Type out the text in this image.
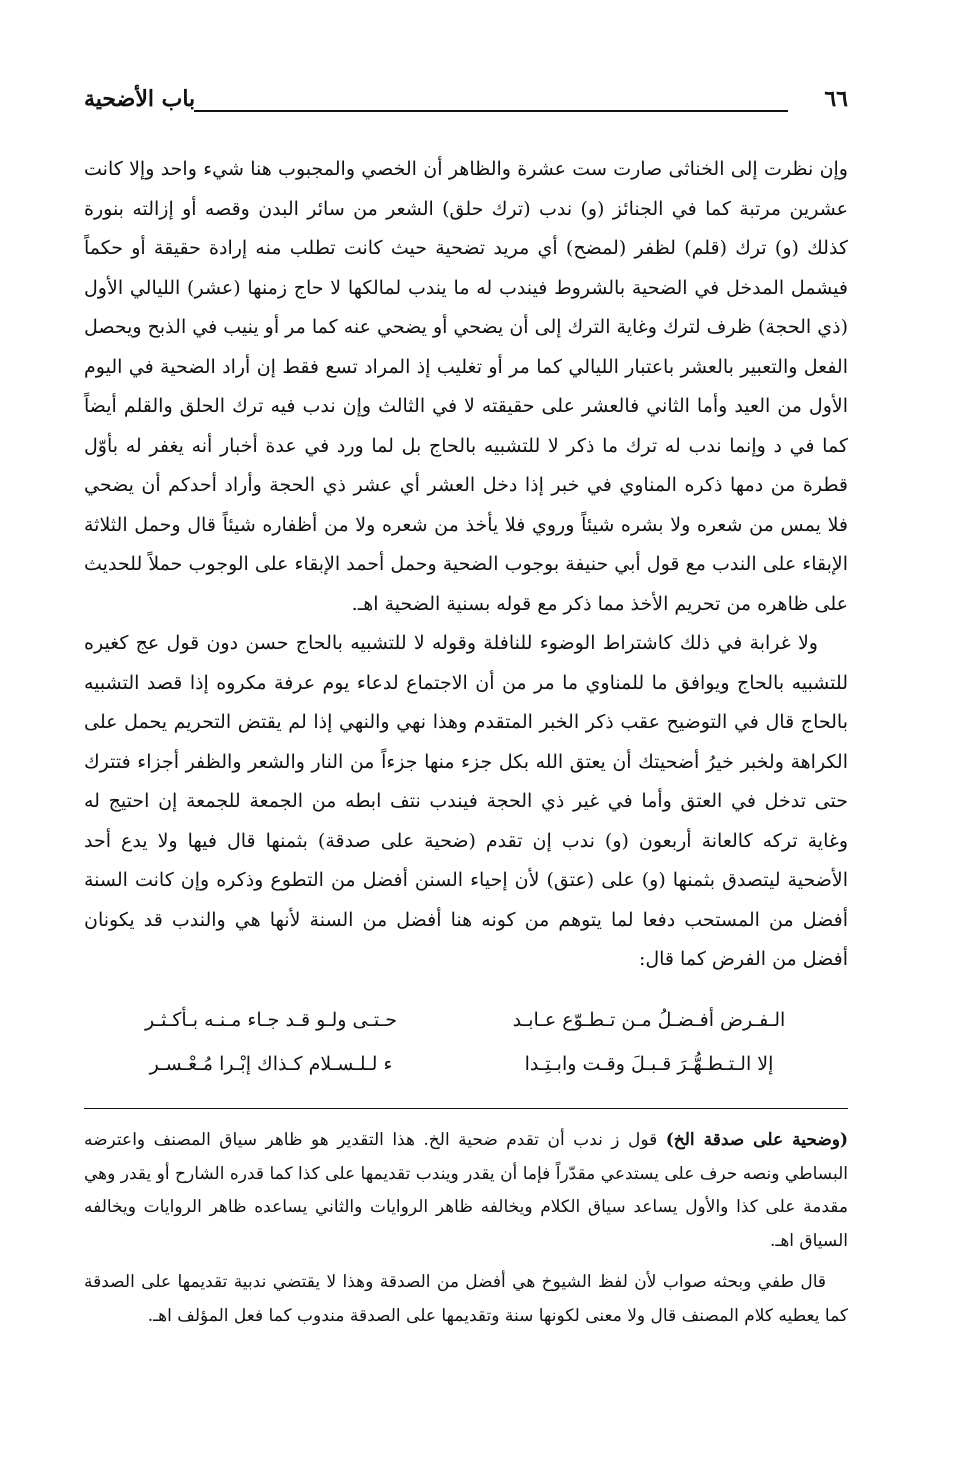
٦٦
باب الأضحية

وإن نظرت إلى الخناثى صارت ست عشرة والظاهر أن الخصي والمجبوب هنا شيء واحد وإلا كانت عشرين مرتبة كما في الجنائز (و) ندب (ترك حلق) الشعر من سائر البدن وقصه أو إزالته بنورة كذلك (و) ترك (قلم) لظفر (لمضح) أي مريد تضحية حيث كانت تطلب منه إرادة حقيقة أو حكماً فيشمل المدخل في الضحية بالشروط فيندب له ما يندب لمالكها لا حاج زمنها (عشر) الليالي الأول (ذي الحجة) ظرف لترك وغاية الترك إلى أن يضحي أو يضحي عنه كما مر أو ينيب في الذبح ويحصل الفعل والتعبير بالعشر باعتبار الليالي كما مر أو تغليب إذ المراد تسع فقط إن أراد الضحية في اليوم الأول من العيد وأما الثاني فالعشر على حقيقته لا في الثالث وإن ندب فيه ترك الحلق والقلم أيضاً كما في د وإنما ندب له ترك ما ذكر لا للتشبيه بالحاج بل لما ورد في عدة أخبار أنه يغفر له بأوّل قطرة من دمها ذكره المناوي في خبر إذا دخل العشر أي عشر ذي الحجة وأراد أحدكم أن يضحي فلا يمس من شعره ولا بشره شيئاً وروي فلا يأخذ من شعره ولا من أظفاره شيئاً قال وحمل الثلاثة الإبقاء على الندب مع قول أبي حنيفة بوجوب الضحية وحمل أحمد الإبقاء على الوجوب حملاً للحديث على ظاهره من تحريم الأخذ مما ذكر مع قوله بسنية الضحية اهـ.

ولا غرابة في ذلك كاشتراط الوضوء للنافلة وقوله لا للتشبيه بالحاج حسن دون قول عج كغيره للتشبيه بالحاج ويوافق ما للمناوي ما مر من أن الاجتماع لدعاء يوم عرفة مكروه إذا قصد التشبيه بالحاج قال في التوضيح عقب ذكر الخبر المتقدم وهذا نهي والنهي إذا لم يقتض التحريم يحمل على الكراهة ولخبر خيرُ أضحيتك أن يعتق الله بكل جزء منها جزءاً من النار والشعر والظفر أجزاء فتترك حتى تدخل في العتق وأما في غير ذي الحجة فيندب نتف ابطه من الجمعة للجمعة إن احتيج له وغاية تركه كالعانة أربعون (و) ندب إن تقدم (ضحية على صدقة) بثمنها قال فيها ولا يدع أحد الأضحية ليتصدق بثمنها (و) على (عتق) لأن إحياء السنن أفضل من التطوع وذكره وإن كانت السنة أفضل من المستحب دفعا لما يتوهم من كونه هنا أفضل من السنة لأنها هي والندب قد يكونان أفضل من الفرض كما قال:

الـفـرض أفـضـلُ مـن تـطـوّع عـابـد
حـتـى ولـو قـد جـاء مـنـه بـأكـثـر
إلا الـتـطـهُّـرَ قـبـلَ وقـت وابـتِـدا
ء لـلـسـلام كـذاك إبْـرا مُـعْـسـر

(وضحية على صدقة الخ) قول ز ندب أن تقدم ضحية الخ. هذا التقدير هو ظاهر سياق المصنف واعترضه البساطي ونصه حرف على يستدعي مقدّراً فإما أن يقدر ويندب تقديمها على كذا كما قدره الشارح أو يقدر وهي مقدمة على كذا والأول يساعد سياق الكلام ويخالفه ظاهر الروايات والثاني يساعده ظاهر الروايات ويخالفه السياق اهـ.

قال طفي وبحثه صواب لأن لفظ الشيوخ هي أفضل من الصدقة وهذا لا يقتضي ندبية تقديمها على الصدقة كما يعطيه كلام المصنف قال ولا معنى لكونها سنة وتقديمها على الصدقة مندوب كما فعل المؤلف اهـ.
